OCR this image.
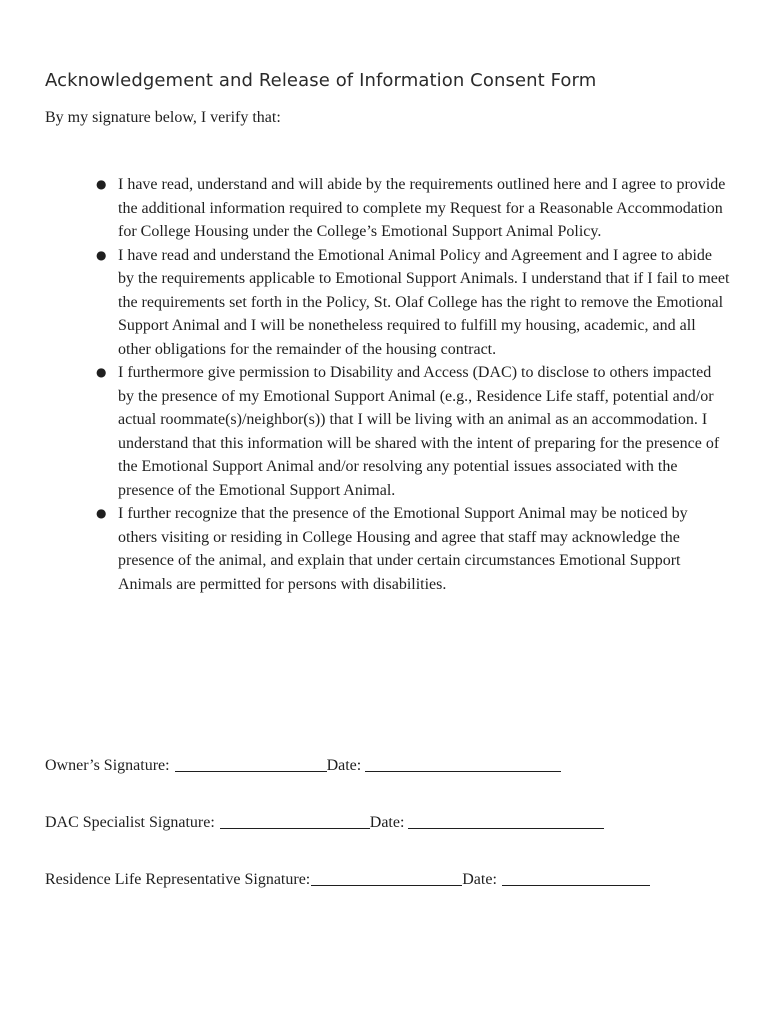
Acknowledgement and Release of Information Consent Form

By my signature below, I verify that:

● I have read, understand and will abide by the requirements outlined here and I agree to provide the additional information required to complete my Request for a Reasonable Accommodation for College Housing under the College’s Emotional Support Animal Policy.
● I have read and understand the Emotional Animal Policy and Agreement and I agree to abide by the requirements applicable to Emotional Support Animals. I understand that if I fail to meet the requirements set forth in the Policy, St. Olaf College has the right to remove the Emotional Support Animal and I will be nonetheless required to fulfill my housing, academic, and all other obligations for the remainder of the housing contract.
● I furthermore give permission to Disability and Access (DAC) to disclose to others impacted by the presence of my Emotional Support Animal (e.g., Residence Life staff, potential and/or actual roommate(s)/neighbor(s)) that I will be living with an animal as an accommodation. I understand that this information will be shared with the intent of preparing for the presence of the Emotional Support Animal and/or resolving any potential issues associated with the presence of the Emotional Support Animal.
● I further recognize that the presence of the Emotional Support Animal may be noticed by others visiting or residing in College Housing and agree that staff may acknowledge the presence of the animal, and explain that under certain circumstances Emotional Support Animals are permitted for persons with disabilities.
Owner’s Signature:	Date:
DAC Specialist Signature:	Date:
Residence Life Representative Signature:	Date:
